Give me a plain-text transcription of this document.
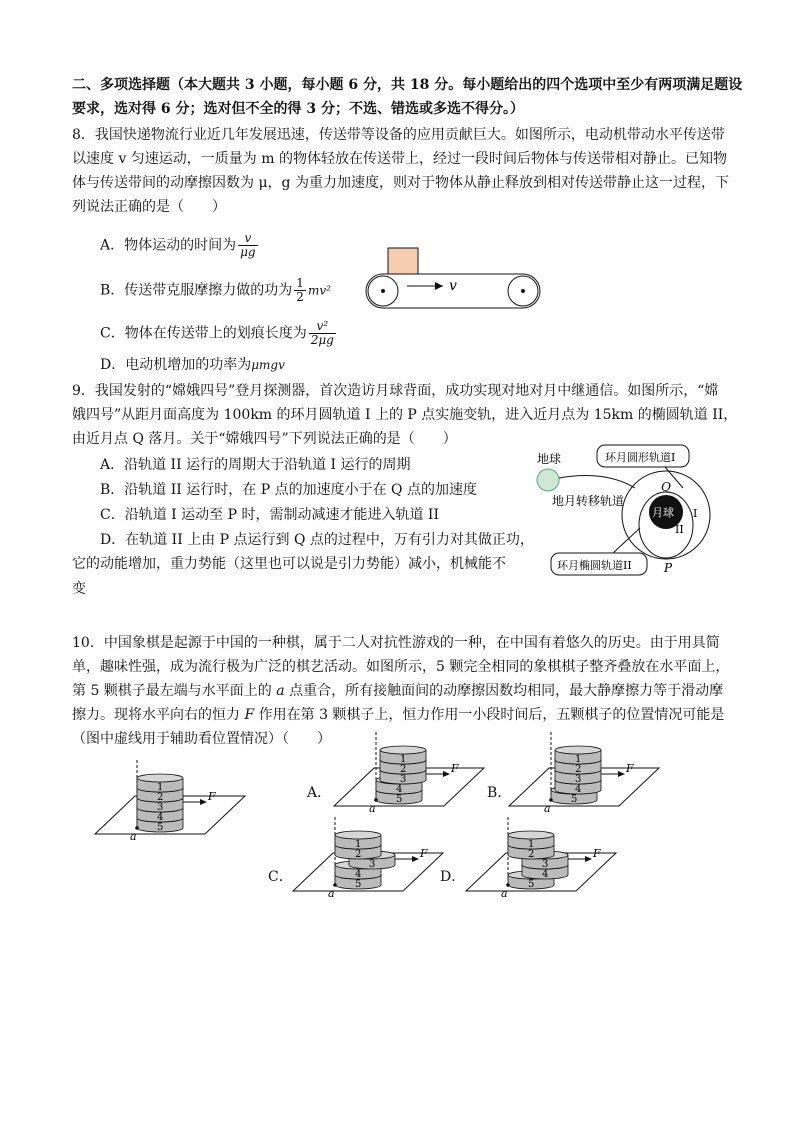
二、多项选择题（本大题共 3 小题，每小题 6 分，共 18 分。每小题给出的四个选项中至少有两项满足题设
要求，选对得 6 分；选对但不全的得 3 分；不选、错选或多选不得分。）
8．我国快递物流行业近几年发展迅速，传送带等设备的应用贡献巨大。如图所示，电动机带动水平传送带
以速度 v 匀速运动，一质量为 m 的物体轻放在传送带上，经过一段时间后物体与传送带相对静止。已知物
体与传送带间的动摩擦因数为 μ，g 为重力加速度，则对于物体从静止释放到相对传送带静止这一过程，下
列说法正确的是（　　）
A．物体运动的时间为 $\frac{v}{\mu g}$
B．传送带克服摩擦力做的功为 $\frac{1}{2} mv^2$
C．物体在传送带上的划痕长度为 $\frac{\text{v²}}{2\mu g}$
D．电动机增加的功率为μmgv
v
9．我国发射的“嫦娥四号”登月探测器，首次造访月球背面，成功实现对地对月中继通信。如图所示，“嫦
娥四号”从距月面高度为 100km 的环月圆轨道 I 上的 P 点实施变轨，进入近月点为 15km 的椭圆轨道 II，
由近月点 Q 落月。关于“嫦娥四号”下列说法正确的是（　　）
A．沿轨道 II 运行的周期大于沿轨道 I 运行的周期
B．沿轨道 II 运行时，在 P 点的加速度小于在 Q 点的加速度
C．沿轨道 I 运动至 P 时，需制动减速才能进入轨道 II
D．在轨道 II 上由 P 点运行到 Q 点的过程中，万有引力对其做正功，
它的动能增加，重力势能（这里也可以说是引力势能）减小，机械能不
变
地球	环月圆形轨道I
地月转移轨道
月球
Q
P
I
II
环月椭圆轨道II
10．中国象棋是起源于中国的一种棋，属于二人对抗性游戏的一种，在中国有着悠久的历史。由于用具简
单，趣味性强，成为流行极为广泛的棋艺活动。如图所示，5 颗完全相同的象棋棋子整齐叠放在水平面上，
第 5 颗棋子最左端与水平面上的 a 点重合，所有接触面间的动摩擦因数均相同，最大静摩擦力等于滑动摩
擦力。现将水平向右的恒力 F 作用在第 3 颗棋子上，恒力作用一小段时间后，五颗棋子的位置情况可能是
（图中虚线用于辅助看位置情况）（　　）
A．	B．
C．	D．
5
4
3
2
1
a
F	5
4
3
2
1
a
F
5
4
3
2
1
a
F
5
4
3
2
1
a
F
5
4
3
2
1
a
F
